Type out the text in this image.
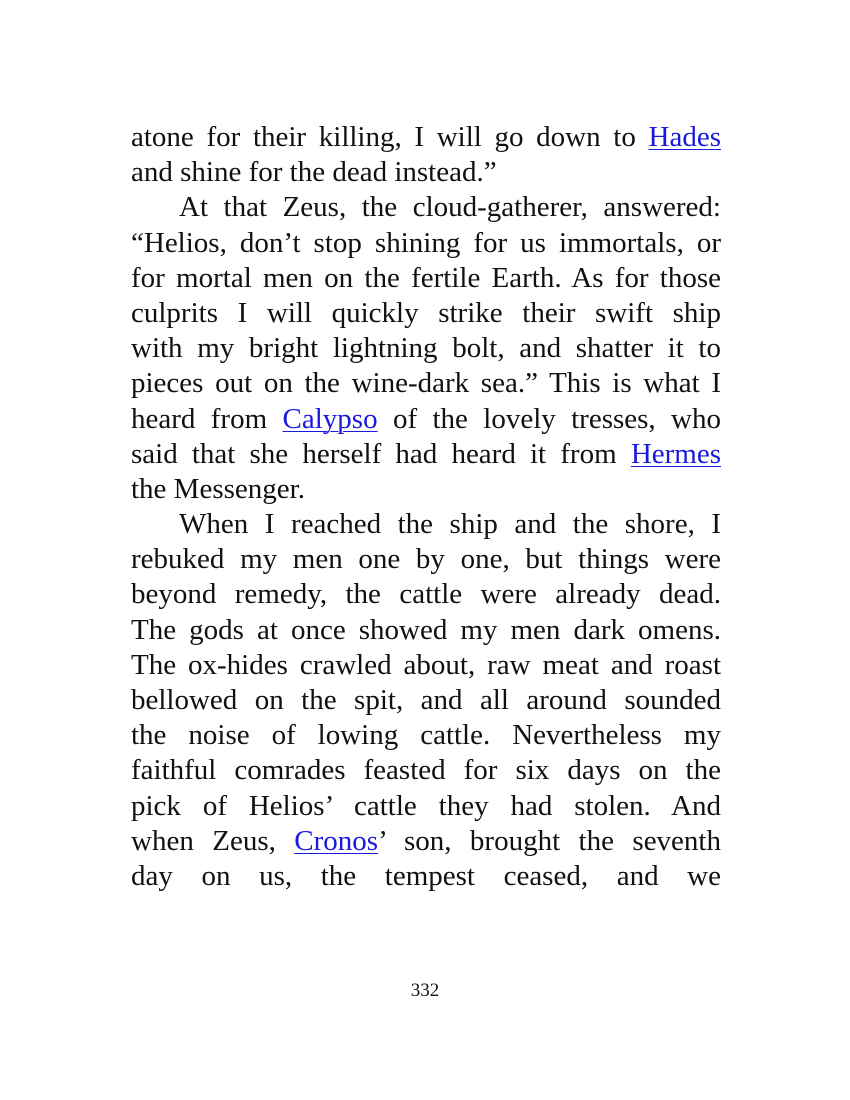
atone for their killing, I will go down to Hades
and shine for the dead instead.”
At that Zeus, the cloud-gatherer, answered:
“Helios, don’t stop shining for us immortals, or
for mortal men on the fertile Earth. As for those
culprits I will quickly strike their swift ship
with my bright lightning bolt, and shatter it to
pieces out on the wine-dark sea.” This is what I
heard from Calypso of the lovely tresses, who
said that she herself had heard it from Hermes
the Messenger.
When I reached the ship and the shore, I
rebuked my men one by one, but things were
beyond remedy, the cattle were already dead.
The gods at once showed my men dark omens.
The ox-hides crawled about, raw meat and roast
bellowed on the spit, and all around sounded
the noise of lowing cattle. Nevertheless my
faithful comrades feasted for six days on the
pick of Helios’ cattle they had stolen. And
when Zeus, Cronos’ son, brought the seventh
day on us, the tempest ceased, and we
332
